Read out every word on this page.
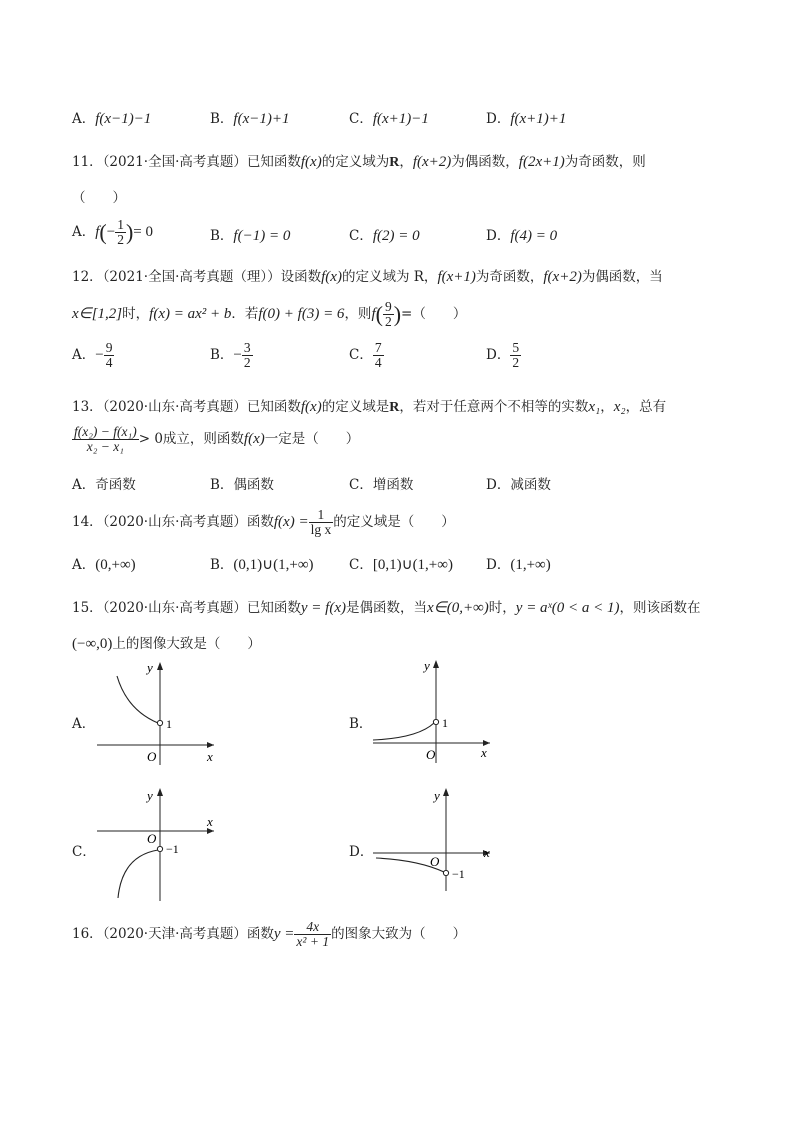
A．f(x−1)−1	B．f(x−1)+1	C．f(x+1)−1	D．f(x+1)+1
11．（2021·全国·高考真题）已知函数f(x)的定义域为R，f(x+2)为偶函数，f(2x+1)为奇函数，则
（　　）
A．$f(- \frac{1}{2}$ )= 0	B．f(−1) = 0	C．f(2) = 0	D．f(4) = 0
12．（2021·全国·高考真题（理））设函数f(x)的定义域为 R，f(x+1)为奇函数，f(x+2)为偶函数，当
x∈[1,2]时，f(x) = ax² + b．若f(0) + f(3) = 6，则$f( \frac{9}{2}$ )=（　　）
A．− $\frac{9}{4}$	B．− $\frac{3}{2}$	C． $\frac{7}{4}$	D． $\frac{5}{2}$
13．（2020·山东·高考真题）已知函数f(x)的定义域是R，若对于任意两个不相等的实数x₁，x₂，总有
$\frac{\text{f(x₂) − f(x₁)}}{\text{x₂ − x₁}} > 0$成立，则函数f(x)一定是（　　）
A．奇函数	B．偶函数	C．增函数	D．减函数
14．（2020·山东·高考真题）函数$f(x) = \frac{1}{\text{lg x}}$ 的定义域是（　　）
A．(0,+∞)	B．(0,1)∪(1,+∞)	C．[0,1)∪(1,+∞) D．(1,+∞)
15．（2020·山东·高考真题）已知函数y = f(x)是偶函数，当x∈(0,+∞)时，y = aˣ(0 < a < 1)，则该函数在
(−∞,0)上的图像大致是（　　）
A．	1
O	x
y
B．	1
O	x
y
C．	−1
O
x
y
D．
−1
O
x
y
16．（2020·天津·高考真题）函数$y = \frac{4x}{\text{x² + 1}}$ 的图象大致为（　　）
